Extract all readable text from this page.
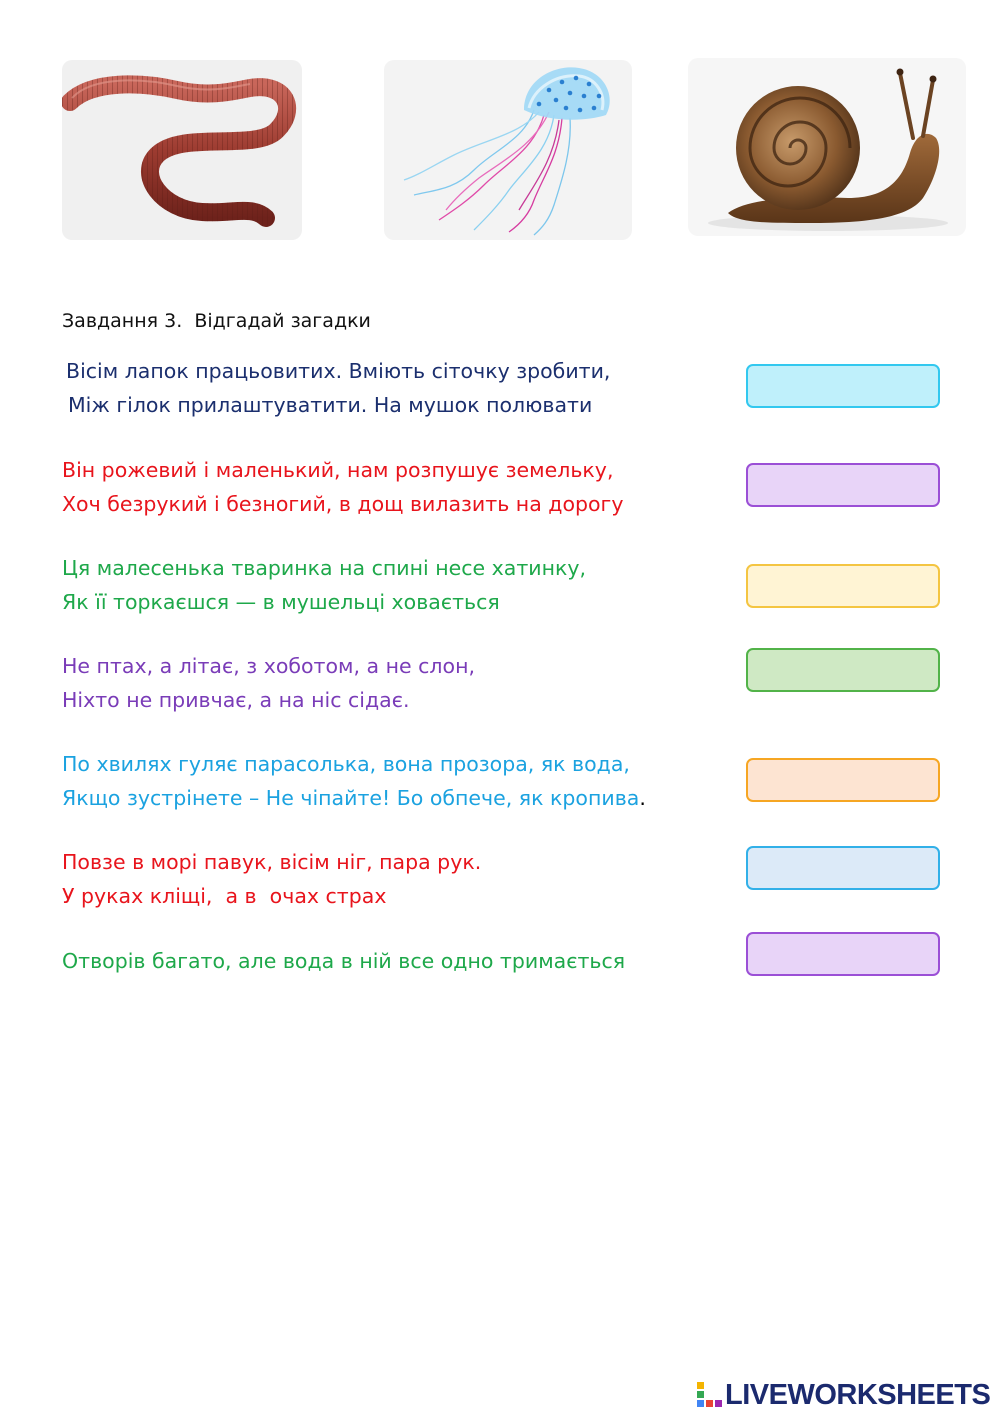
Завдання 3.  Відгадай загадки
Вісім лапок працьовитих. Вміють сіточку зробити,
Між гілок прилаштуватити. На мушок полювати
Він рожевий і маленький, нам розпушує земельку,
Хоч безрукий і безногий, в дощ вилазить на дорогу
Ця малесенька тваринка на спині несе хатинку,
Як її торкаєшся — в мушельці ховається
Не птах, а літає, з хоботом, а не слон,
Ніхто не привчає, а на ніс сідає.
По хвилях гуляє парасолька, вона прозора, як вода,
Якщо зустрінете – Не чіпайте! Бо обпече, як кропива.
Повзе в морі павук, вісім ніг, пара рук.
У руках кліщі,  а в  очах страх
Отворів багато, але вода в ній все одно тримається
LIVEWORKSHEETS
